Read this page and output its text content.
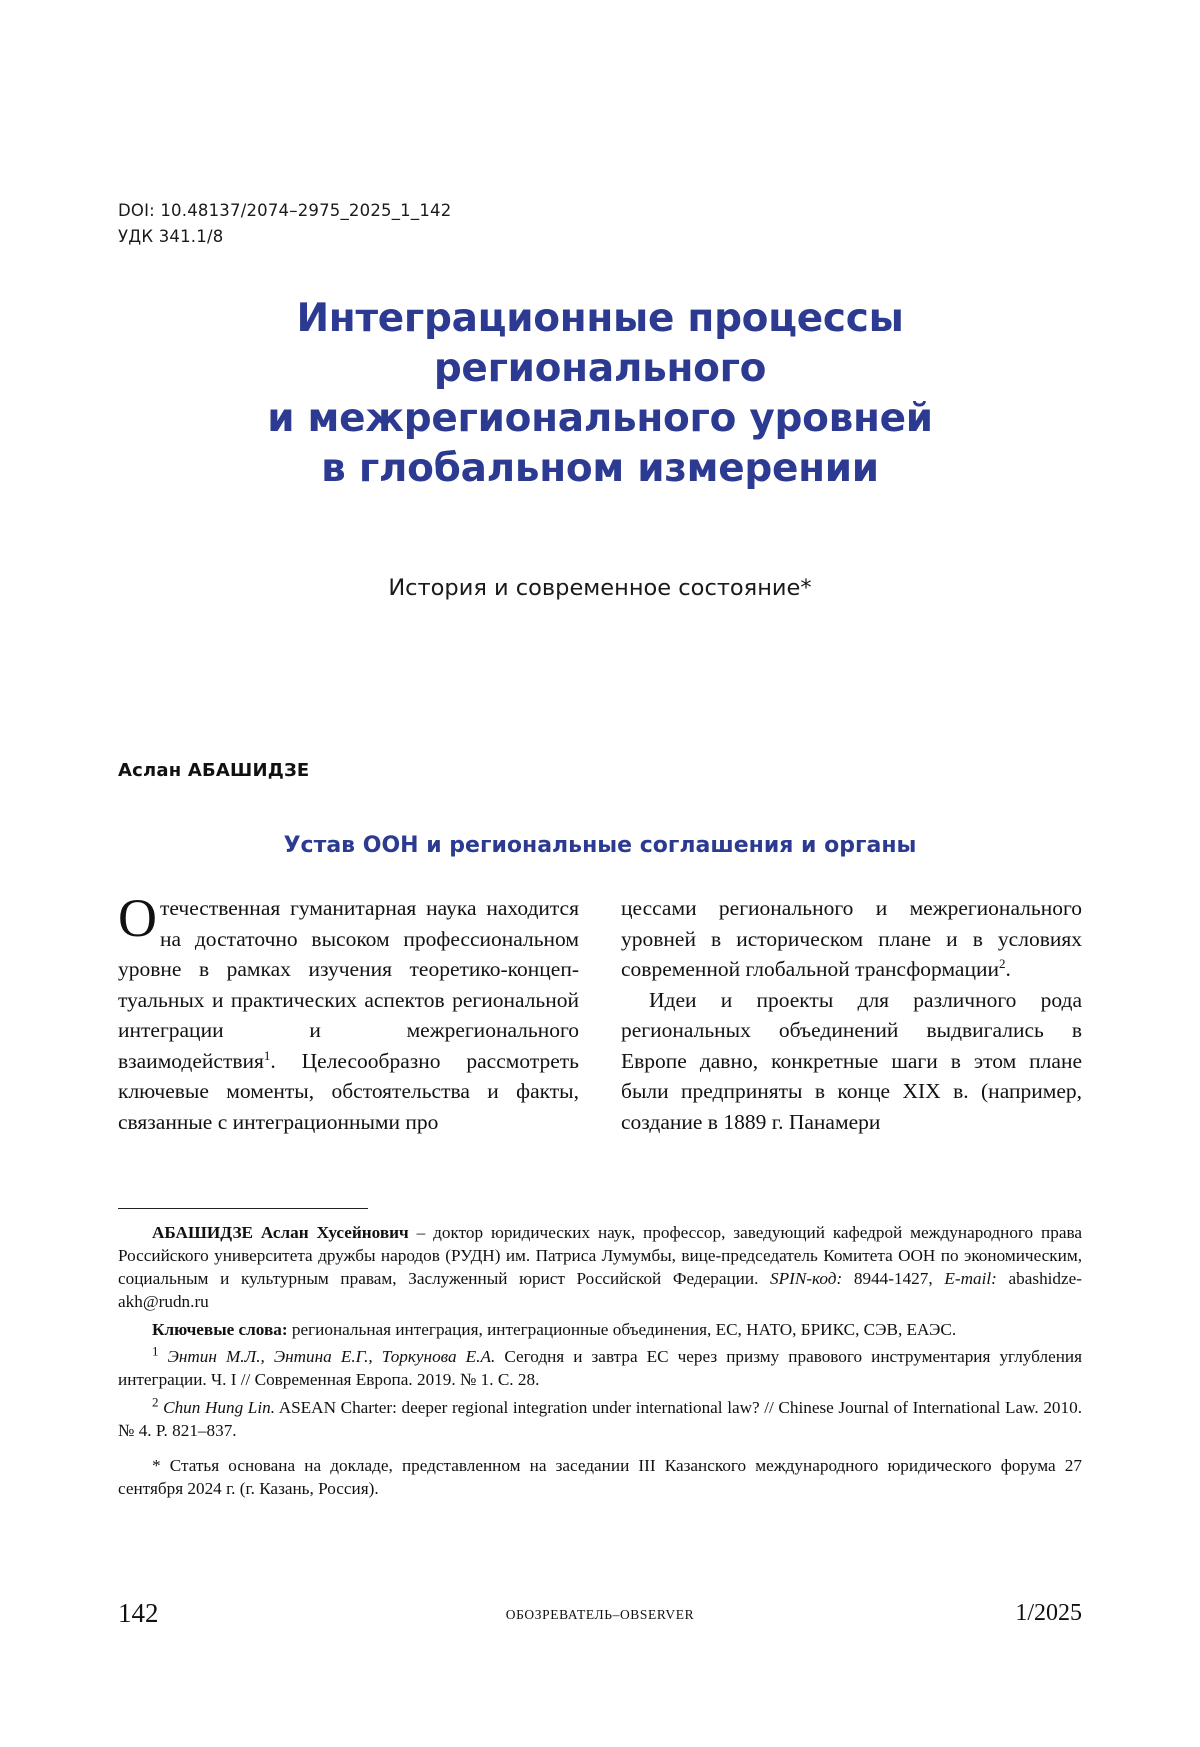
DOI: 10.48137/2074–2975_2025_1_142
УДК 341.1/8
Интеграционные процессы
регионального
и межрегионального уровней
в глобальном измерении
История и современное состояние*
Аслан АБАШИДЗЕ
Устав ООН и региональные соглашения и органы

Отечественная гуманитарная наука находится на достаточно высоком профессиональном уровне в рамках изучения теоретико-концептуальных и практических аспектов региональной интеграции и межрегионального взаимодействия$^1$. Целесообразно рассмотреть ключевые моменты, обстоятельства и факты, связанные с интеграционными про

цессами регионального и межрегионального уровней в историческом плане и в условиях современной глобальной трансформации$^2$.

Идеи и проекты для различного рода региональных объединений выдвигались в Европе давно, конкретные шаги в этом плане были предприняты в конце XIX в. (например, создание в 1889 г. Панамери

АБАШИДЗЕ Аслан Хусейнович – доктор юридических наук, профессор, заведующий кафедрой международного права Российского университета дружбы народов (РУДН) им. Патриса Лумумбы, вице-председатель Комитета ООН по экономическим, социальным и культурным правам, Заслуженный юрист Российской Федерации. SPIN-код: 8944-1427, E-mail: abashidze-akh@rudn.ru

Ключевые слова: региональная интеграция, интеграционные объединения, ЕС, НАТО, БРИКС, СЭВ, ЕАЭС.

$^1$ Энтин М.Л., Энтина Е.Г., Торкунова Е.А. Сегодня и завтра ЕС через призму правового инструментария углубления интеграции. Ч. I // Современная Европа. 2019. № 1. С. 28.

$^2$ Chun Hung Lin. ASEAN Charter: deeper regional integration under international law? // Chinese Journal of International Law. 2010. № 4. P. 821–837.

* Статья основана на докладе, представленном на заседании III Казанского международного юридического форума 27 сентября 2024 г. (г. Казань, Россия).

142	ОБОЗРЕВАТЕЛЬ–OBSERVER	1/2025
